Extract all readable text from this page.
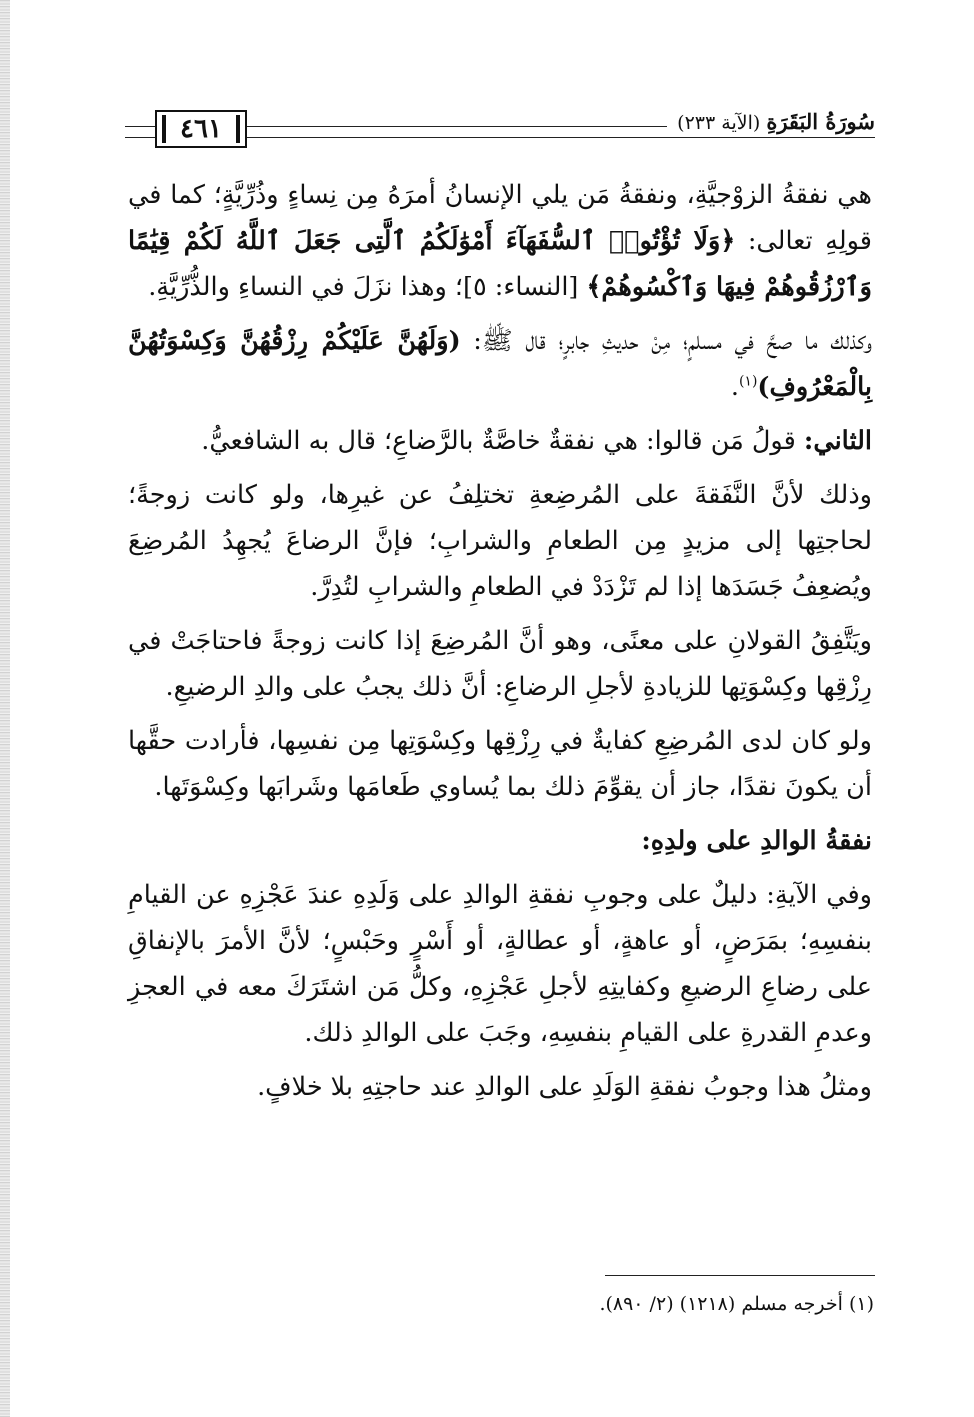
٤٦١	سُورَةُ البَقَرَةِ (الآية ٢٣٣)

هي نفقةُ الزوْجيَّةِ، ونفقةُ مَن يلي الإنسانُ أمرَهُ مِن نِساءٍ وذُرِّيَّةٍ؛ كما في قولِهِ تعالى: ﴿وَلَا تُؤْتُوا۟ ٱلسُّفَهَآءَ أَمْوَٰلَكُمُ ٱلَّتِى جَعَلَ ٱللَّهُ لَكُمْ قِيَٰمًا وَٱرْزُقُوهُمْ فِيهَا وَٱكْسُوهُمْ﴾ [النساء: ٥]؛ وهذا نزَلَ في النساءِ والذُّرِّيَّةِ.

وكذلك ما صحَّ في مسلمٍ؛ مِنْ حديثِ جابرٍ؛ قال ﷺ: (وَلَهُنَّ عَلَيْكُمْ رِزْقُهُنَّ وَكِسْوَتُهُنَّ بِالْمَعْرُوفِ)$^{(١)}$.

الثاني: قولُ مَن قالوا: هي نفقةٌ خاصَّةٌ بالرَّضاعِ؛ قال به الشافعيُّ.

وذلك لأنَّ النَّفَقةَ على المُرضِعةِ تختلِفُ عن غيرِها، ولو كانت زوجةً؛ لحاجتِها إلى مزيدٍ مِن الطعامِ والشرابِ؛ فإنَّ الرضاعَ يُجهِدُ المُرضِعَ ويُضعِفُ جَسَدَها إذا لم تَزْدَدْ في الطعامِ والشرابِ لتُدِرَّ.

ويَتَّفِقُ القولانِ على معنًى، وهو أنَّ المُرضِعَ إذا كانت زوجةً فاحتاجَتْ في رِزْقِها وكِسْوَتِها للزيادةِ لأجلِ الرضاعِ: أنَّ ذلك يجبُ على والدِ الرضيعِ.

ولو كان لدى المُرضِعِ كفايةٌ في رِزْقِها وكِسْوَتِها مِن نفسِها، فأرادت حقَّها أن يكونَ نقدًا، جاز أن يقوِّمَ ذلك بما يُساوي طَعامَها وشَرابَها وكِسْوَتَها.

نفقةُ الوالدِ على ولدِهِ:

وفي الآيةِ: دليلٌ على وجوبِ نفقةِ الوالدِ على وَلَدِهِ عندَ عَجْزِهِ عن القيامِ بنفسِهِ؛ بمَرَضٍ، أو عاهةٍ، أو عطالةٍ، أو أَسْرٍ وحَبْسٍ؛ لأنَّ الأمرَ بالإنفاقِ على رضاعِ الرضيعِ وكفايتِهِ لأجلِ عَجْزِهِ، وكلُّ مَن اشتَرَكَ معه في العجزِ وعدمِ القدرةِ على القيامِ بنفسِهِ، وجَبَ على الوالدِ ذلك.

ومثلُ هذا وجوبُ نفقةِ الوَلَدِ على الوالدِ عند حاجتِهِ بلا خلافٍ.

(١) أخرجه مسلم (١٢١٨) (٢/ ٨٩٠).
